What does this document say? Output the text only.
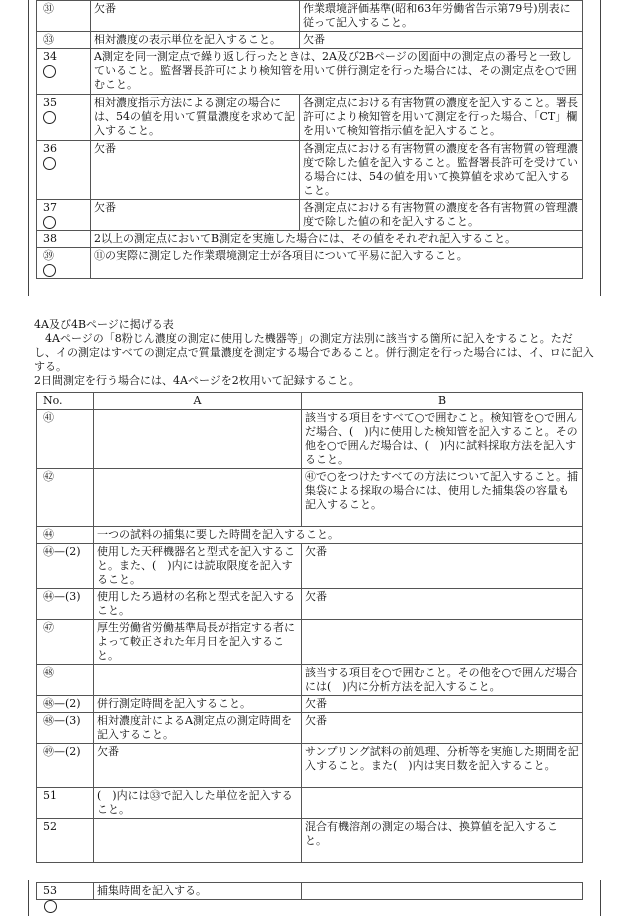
㉛	欠番	作業環境評価基準(昭和63年労働省告示第79号)別表に従って記入すること。
㉝	相対濃度の表示単位を記入すること。	欠番
34	A測定を同一測定点で繰り返し行ったときは、2A及び2Bページの図面中の測定点の番号と一致していること。監督署長許可により検知管を用いて併行測定を行った場合には、その測定点を○で囲むこと。	
35	相対濃度指示方法による測定の場合には、54の値を用いて質量濃度を求めて記入すること。	各測定点における有害物質の濃度を記入すること。署長許可により検知管を用いて測定を行った場合、「CT」欄を用いて検知管指示値を記入すること。
36	欠番	各測定点における有害物質の濃度を各有害物質の管理濃度で除した値を記入すること。監督署長許可を受けている場合には、54の値を用いて換算値を求めて記入すること。
37	欠番	各測定点における有害物質の濃度を各有害物質の管理濃度で除した値の和を記入すること。
38	2以上の測定点においてB測定を実施した場合には、その値をそれぞれ記入すること。	
㊴	⑪の実際に測定した作業環境測定士が各項目について平易に記入すること。	
4A及び4Bページに掲げる表
4Aページの「8粉じん濃度の測定に使用した機器等」の測定方法別に該当する箇所に記入をすること。ただし、イの測定はすべての測定点で質量濃度を測定する場合であること。併行測定を行った場合には、イ、ロに記入する。
2日間測定を行う場合には、4Aページを2枚用いて記録すること。
No.	A	B
㊶		該当する項目をすべて○で囲むこと。検知管を○で囲んだ場合、(　)内に使用した検知管を記入すること。その他を○で囲んだ場合は、(　)内に試料採取方法を記入すること。
㊷		㊶で○をつけたすべての方法について記入すること。捕集袋による採取の場合には、使用した捕集袋の容量も記入すること。
㊹	一つの試料の捕集に要した時間を記入すること。	
㊹—(2)	使用した天秤機器名と型式を記入すること。また、(　)内には読取限度を記入すること。	欠番
㊹—(3)	使用したろ過材の名称と型式を記入すること。	欠番
㊼	厚生労働省労働基準局長が指定する者によって較正された年月日を記入すること。	
㊽		該当する項目を○で囲むこと。その他を○で囲んだ場合には(　)内に分析方法を記入すること。
㊽—(2)	併行測定時間を記入すること。	欠番
㊽—(3)	相対濃度計によるA測定点の測定時間を記入すること。	欠番
㊾—(2)	欠番	サンプリング試料の前処理、分析等を実施した期間を記入すること。また(　)内は実日数を記入すること。
51	(　)内には㉝で記入した単位を記入すること。	
52		混合有機溶剤の測定の場合は、換算値を記入すること。
53	捕集時間を記入する。	
